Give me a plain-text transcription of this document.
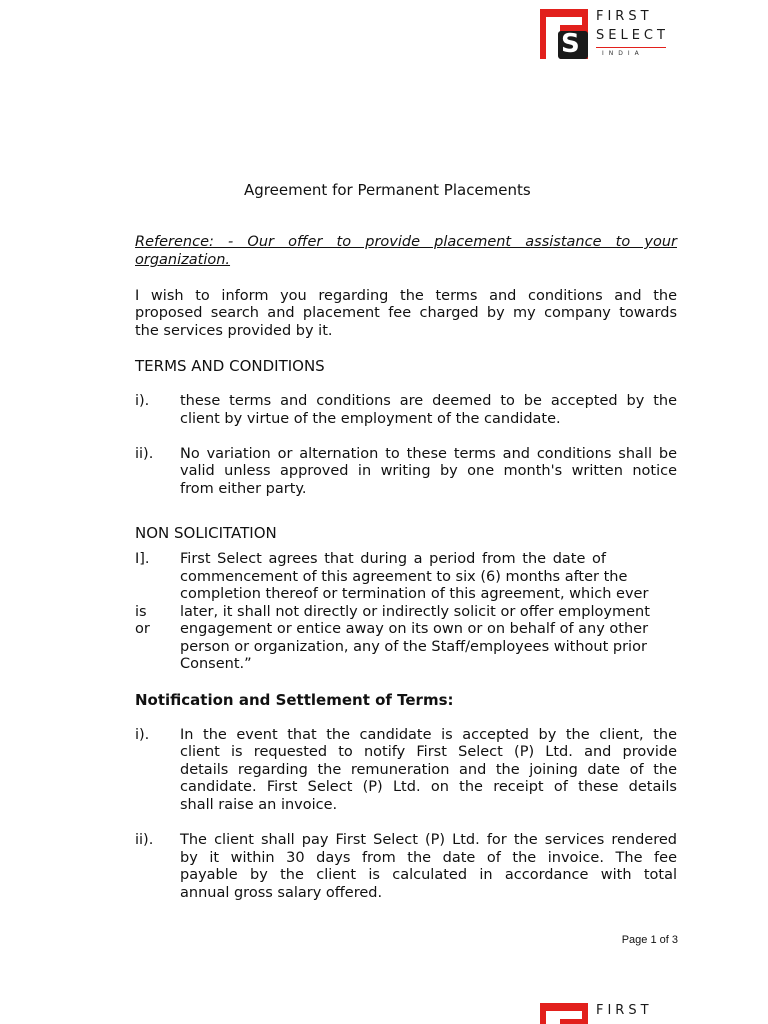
S
FIRST
SELECT
INDIA
Agreement for Permanent Placements
Reference: - Our offer to provide placement assistance to your
organization.
I wish to inform you regarding the terms and conditions and the
proposed search and placement fee charged by my company towards
the services provided by it.
TERMS AND CONDITIONS
i). these terms and conditions are deemed to be accepted by the
client by virtue of the employment of the candidate.
ii). No variation or alternation to these terms and conditions shall be
valid unless approved in writing by one month's written notice
from either party.
NON SOLICITATION
I].
is
or
First Select agrees that during a period from the date of
commencement of this agreement to six (6) months after the
completion thereof or termination of this agreement, which ever
later, it shall not directly or indirectly solicit or offer employment
engagement or entice away on its own or on behalf of any other
person or organization, any of the Staff/employees without prior
Consent.”
Notification and Settlement of Terms:
i). In the event that the candidate is accepted by the client, the
client is requested to notify First Select (P) Ltd. and provide
details regarding the remuneration and the joining date of the
candidate. First Select (P) Ltd. on the receipt of these details
shall raise an invoice.
ii). The client shall pay First Select (P) Ltd. for the services rendered
by it within 30 days from the date of the invoice. The fee
payable by the client is calculated in accordance with total
annual gross salary offered.
Page 1 of 3
FIRST
